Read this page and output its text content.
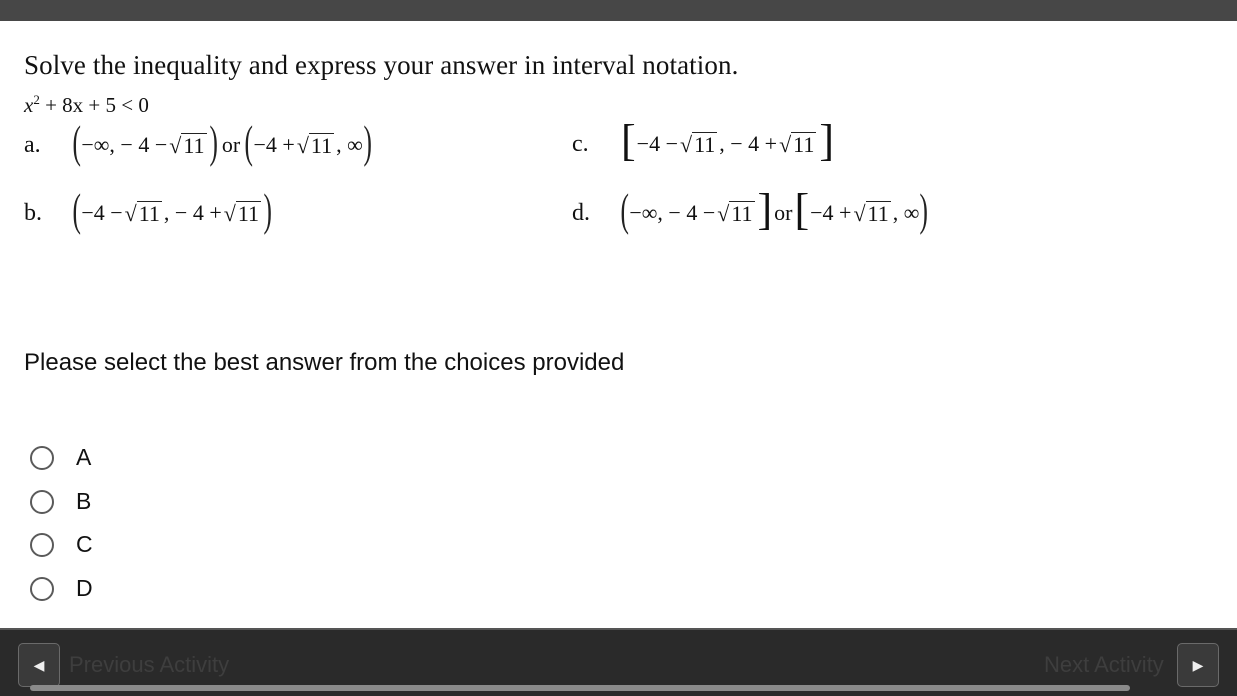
Solve the inequality and express your answer in interval notation.

$x^2 + 8x + 5 < 0$
a. ( −∞, − 4 − √ 11 ) or ( −4 + √ 11 , ∞ )	c. [ −4 − √ 11 , − 4 + √ 11 ]
b. ( −4 − √ 11 , − 4 + √ 11 )	d. ( −∞, − 4 − √ 11 ] or [ −4 + √ 11 , ∞ )
Please select the best answer from the choices provided
A
B
C
D
◀ Previous Activity	Next Activity ▶
